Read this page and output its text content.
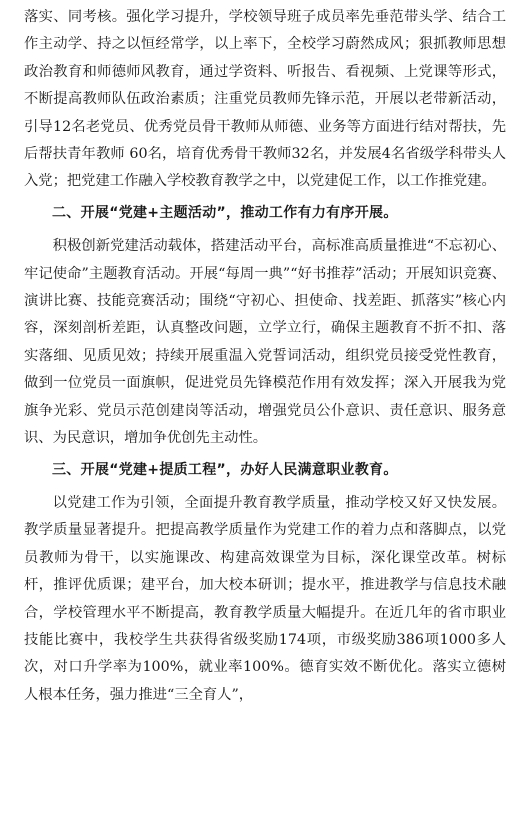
落实、同考核。强化学习提升，学校领导班子成员率先垂范带头学、结合工作主动学、持之以恒经常学，以上率下，全校学习蔚然成风；狠抓教师思想政治教育和师德师风教育，通过学资料、听报告、看视频、上党课等形式，不断提高教师队伍政治素质；注重党员教师先锋示范，开展以老带新活动，引导12名老党员、优秀党员骨干教师从师德、业务等方面进行结对帮扶，先后帮扶青年教师 60名，培育优秀骨干教师32名，并发展4名省级学科带头人入党；把党建工作融入学校教育教学之中，以党建促工作，以工作推党建。

二、开展“党建+主题活动”，推动工作有力有序开展。

积极创新党建活动载体，搭建活动平台，高标准高质量推进“不忘初心、牢记使命”主题教育活动。开展“每周一典”“好书推荐”活动；开展知识竞赛、演讲比赛、技能竞赛活动；围绕“守初心、担使命、找差距、抓落实”核心内容，深刻剖析差距，认真整改问题，立学立行，确保主题教育不折不扣、落实落细、见质见效；持续开展重温入党誓词活动，组织党员接受党性教育，做到一位党员一面旗帜，促进党员先锋模范作用有效发挥；深入开展我为党旗争光彩、党员示范创建岗等活动，增强党员公仆意识、责任意识、服务意识、为民意识，增加争优创先主动性。

三、开展“党建+提质工程”，办好人民满意职业教育。

以党建工作为引领，全面提升教育教学质量，推动学校又好又快发展。教学质量显著提升。把提高教学质量作为党建工作的着力点和落脚点，以党员教师为骨干，以实施课改、构建高效课堂为目标，深化课堂改革。树标杆，推评优质课；建平台，加大校本研训；提水平，推进教学与信息技术融合，学校管理水平不断提高，教育教学质量大幅提升。在近几年的省市职业技能比赛中，我校学生共获得省级奖励174项，市级奖励386项1000多人次，对口升学率为100%，就业率100%。德育实效不断优化。落实立德树人根本任务，强力推进“三全育人”，
